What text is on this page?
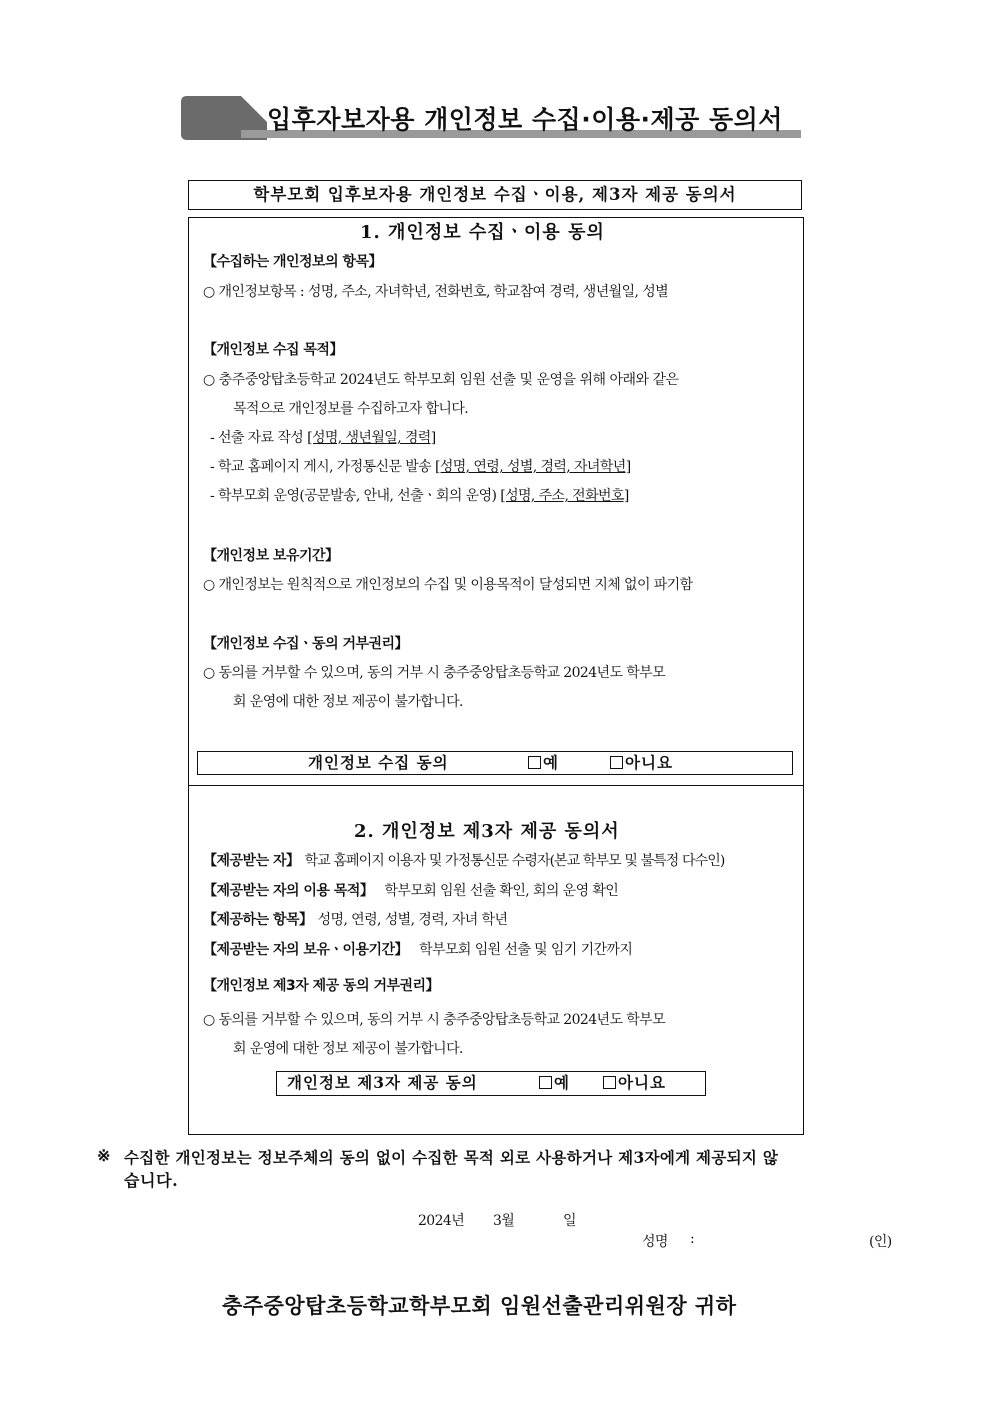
입후자보자용 개인정보 수집·이용·제공 동의서
학부모회 입후보자용 개인정보 수집ㆍ이용, 제3자 제공 동의서
1. 개인정보 수집ㆍ이용 동의
【수집하는 개인정보의 항목】
○ 개인정보항목 : 성명, 주소, 자녀학년, 전화번호, 학교참여 경력, 생년월일, 성별
【개인정보 수집 목적】
○ 충주중앙탑초등학교 2024년도 학부모회 임원 선출 및 운영을 위해 아래와 같은
목적으로 개인정보를 수집하고자 합니다.
- 선출 자료 작성 [성명, 생년월일, 경력]
- 학교 홈페이지 게시, 가정통신문 발송 [성명, 연령, 성별, 경력, 자녀학년]
- 학부모회 운영(공문발송, 안내, 선출ㆍ회의 운영) [성명, 주소, 전화번호]
【개인정보 보유기간】
○ 개인정보는 원칙적으로 개인정보의 수집 및 이용목적이 달성되면 지체 없이 파기함
【개인정보 수집ㆍ동의 거부권리】
○ 동의를 거부할 수 있으며, 동의 거부 시 충주중앙탑초등학교 2024년도 학부모
회 운영에 대한 정보 제공이 불가합니다.
개인정보 수집 동의	예	아니요
2. 개인정보 제3자 제공 동의서
【제공받는 자】 학교 홈페이지 이용자 및 가정통신문 수령자(본교 학부모 및 불특정 다수인)
【제공받는 자의 이용 목적】 학부모회 임원 선출 확인, 회의 운영 확인
【제공하는 항목】 성명, 연령, 성별, 경력, 자녀 학년
【제공받는 자의 보유ㆍ이용기간】 학부모회 임원 선출 및 임기 기간까지
【개인정보 제3자 제공 동의 거부권리】
○ 동의를 거부할 수 있으며, 동의 거부 시 충주중앙탑초등학교 2024년도 학부모
회 운영에 대한 정보 제공이 불가합니다.
개인정보 제3자 제공 동의	예	아니요
※ 수집한 개인정보는 정보주체의 동의 없이 수집한 목적 외로 사용하거나 제3자에게 제공되지 않
습니다.
2024년 3월	일
성명 :	(인)
충주중앙탑초등학교학부모회 임원선출관리위원장 귀하
